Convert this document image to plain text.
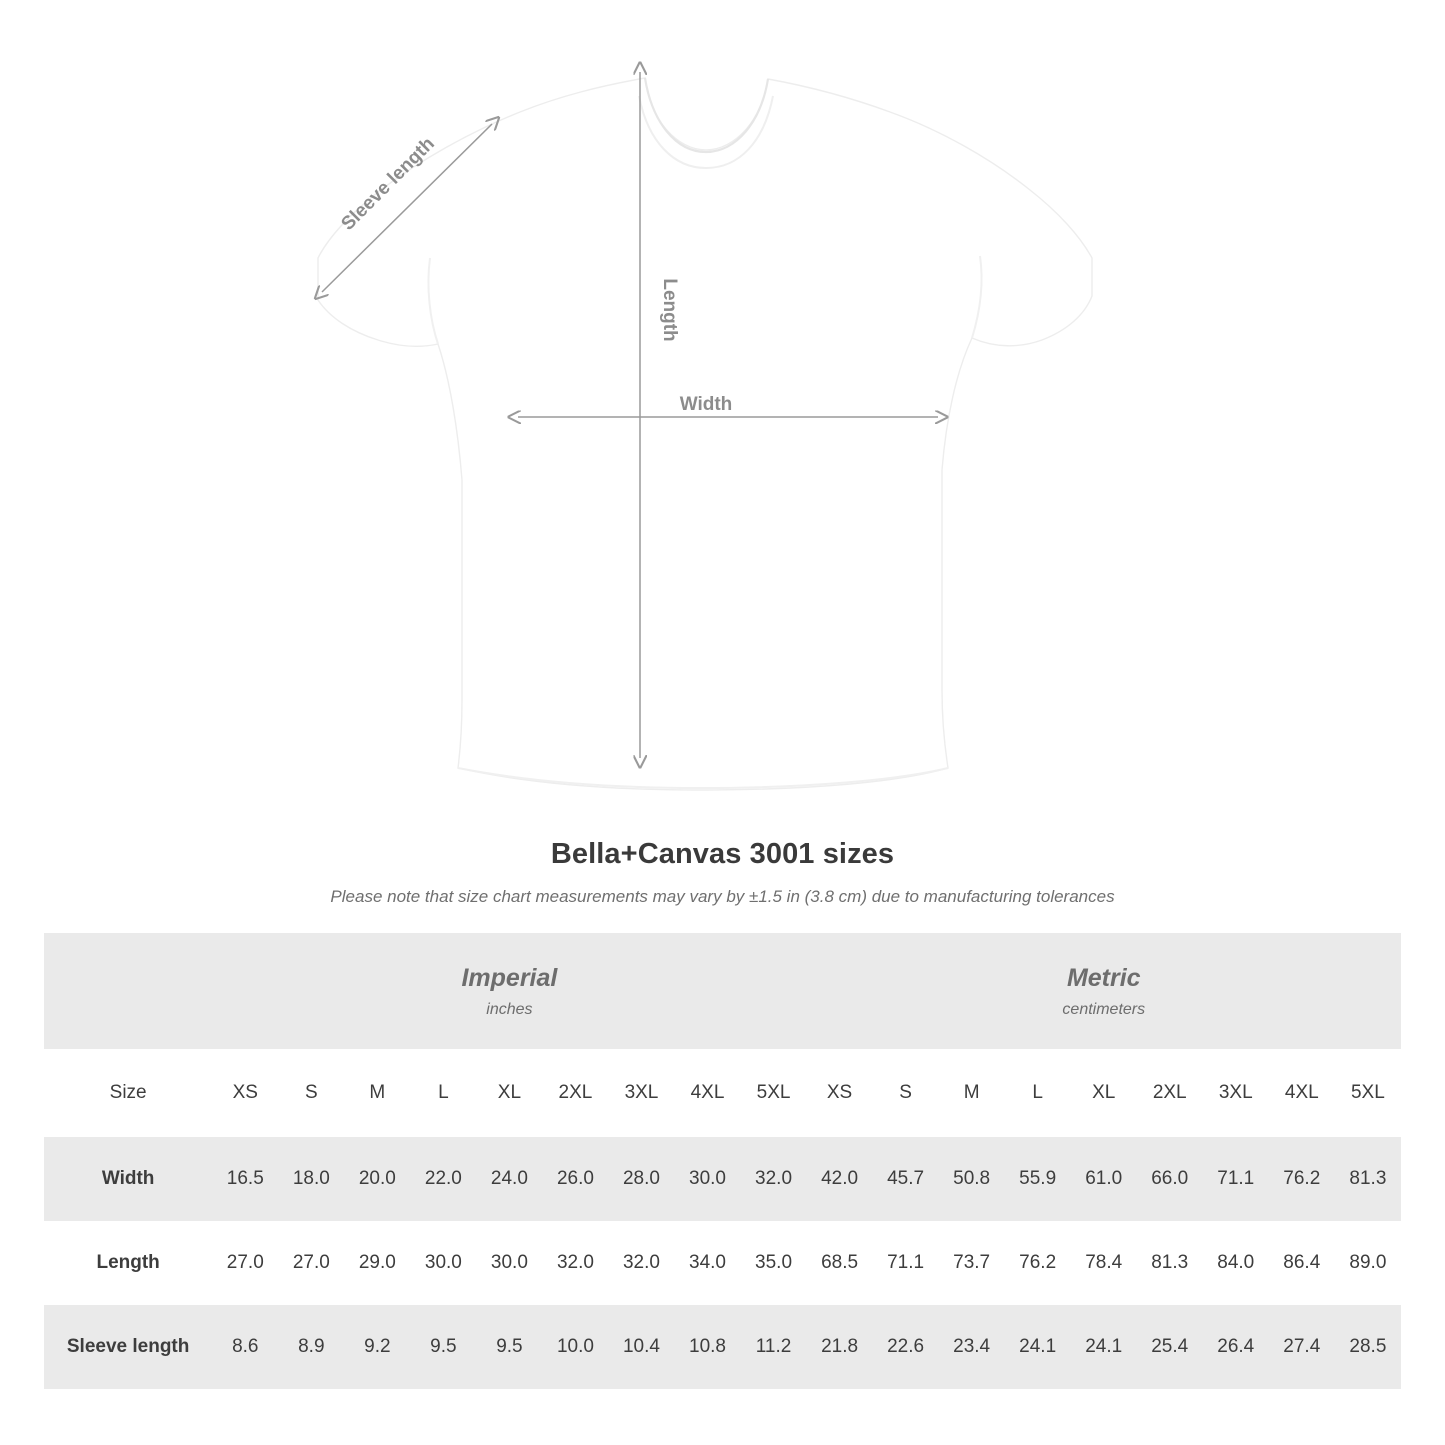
Width
Length
Sleeve length
Bella+Canvas 3001 sizes
Please note that size chart measurements may vary by ±1.5 in (3.8 cm) due to manufacturing tolerances

Imperial
inches

Metric
centimeters

Size	XS	S	M	L	XL	2XL	3XL	4XL	5XL	XS	S	M	L	XL	2XL	3XL	4XL	5XL
Width	16.5	18.0	20.0	22.0	24.0	26.0	28.0	30.0	32.0	42.0	45.7	50.8	55.9	61.0	66.0	71.1	76.2	81.3
Length	27.0	27.0	29.0	30.0	30.0	32.0	32.0	34.0	35.0	68.5	71.1	73.7	76.2	78.4	81.3	84.0	86.4	89.0
Sleeve length	8.6	8.9	9.2	9.5	9.5	10.0	10.4	10.8	11.2	21.8	22.6	23.4	24.1	24.1	25.4	26.4	27.4	28.5
